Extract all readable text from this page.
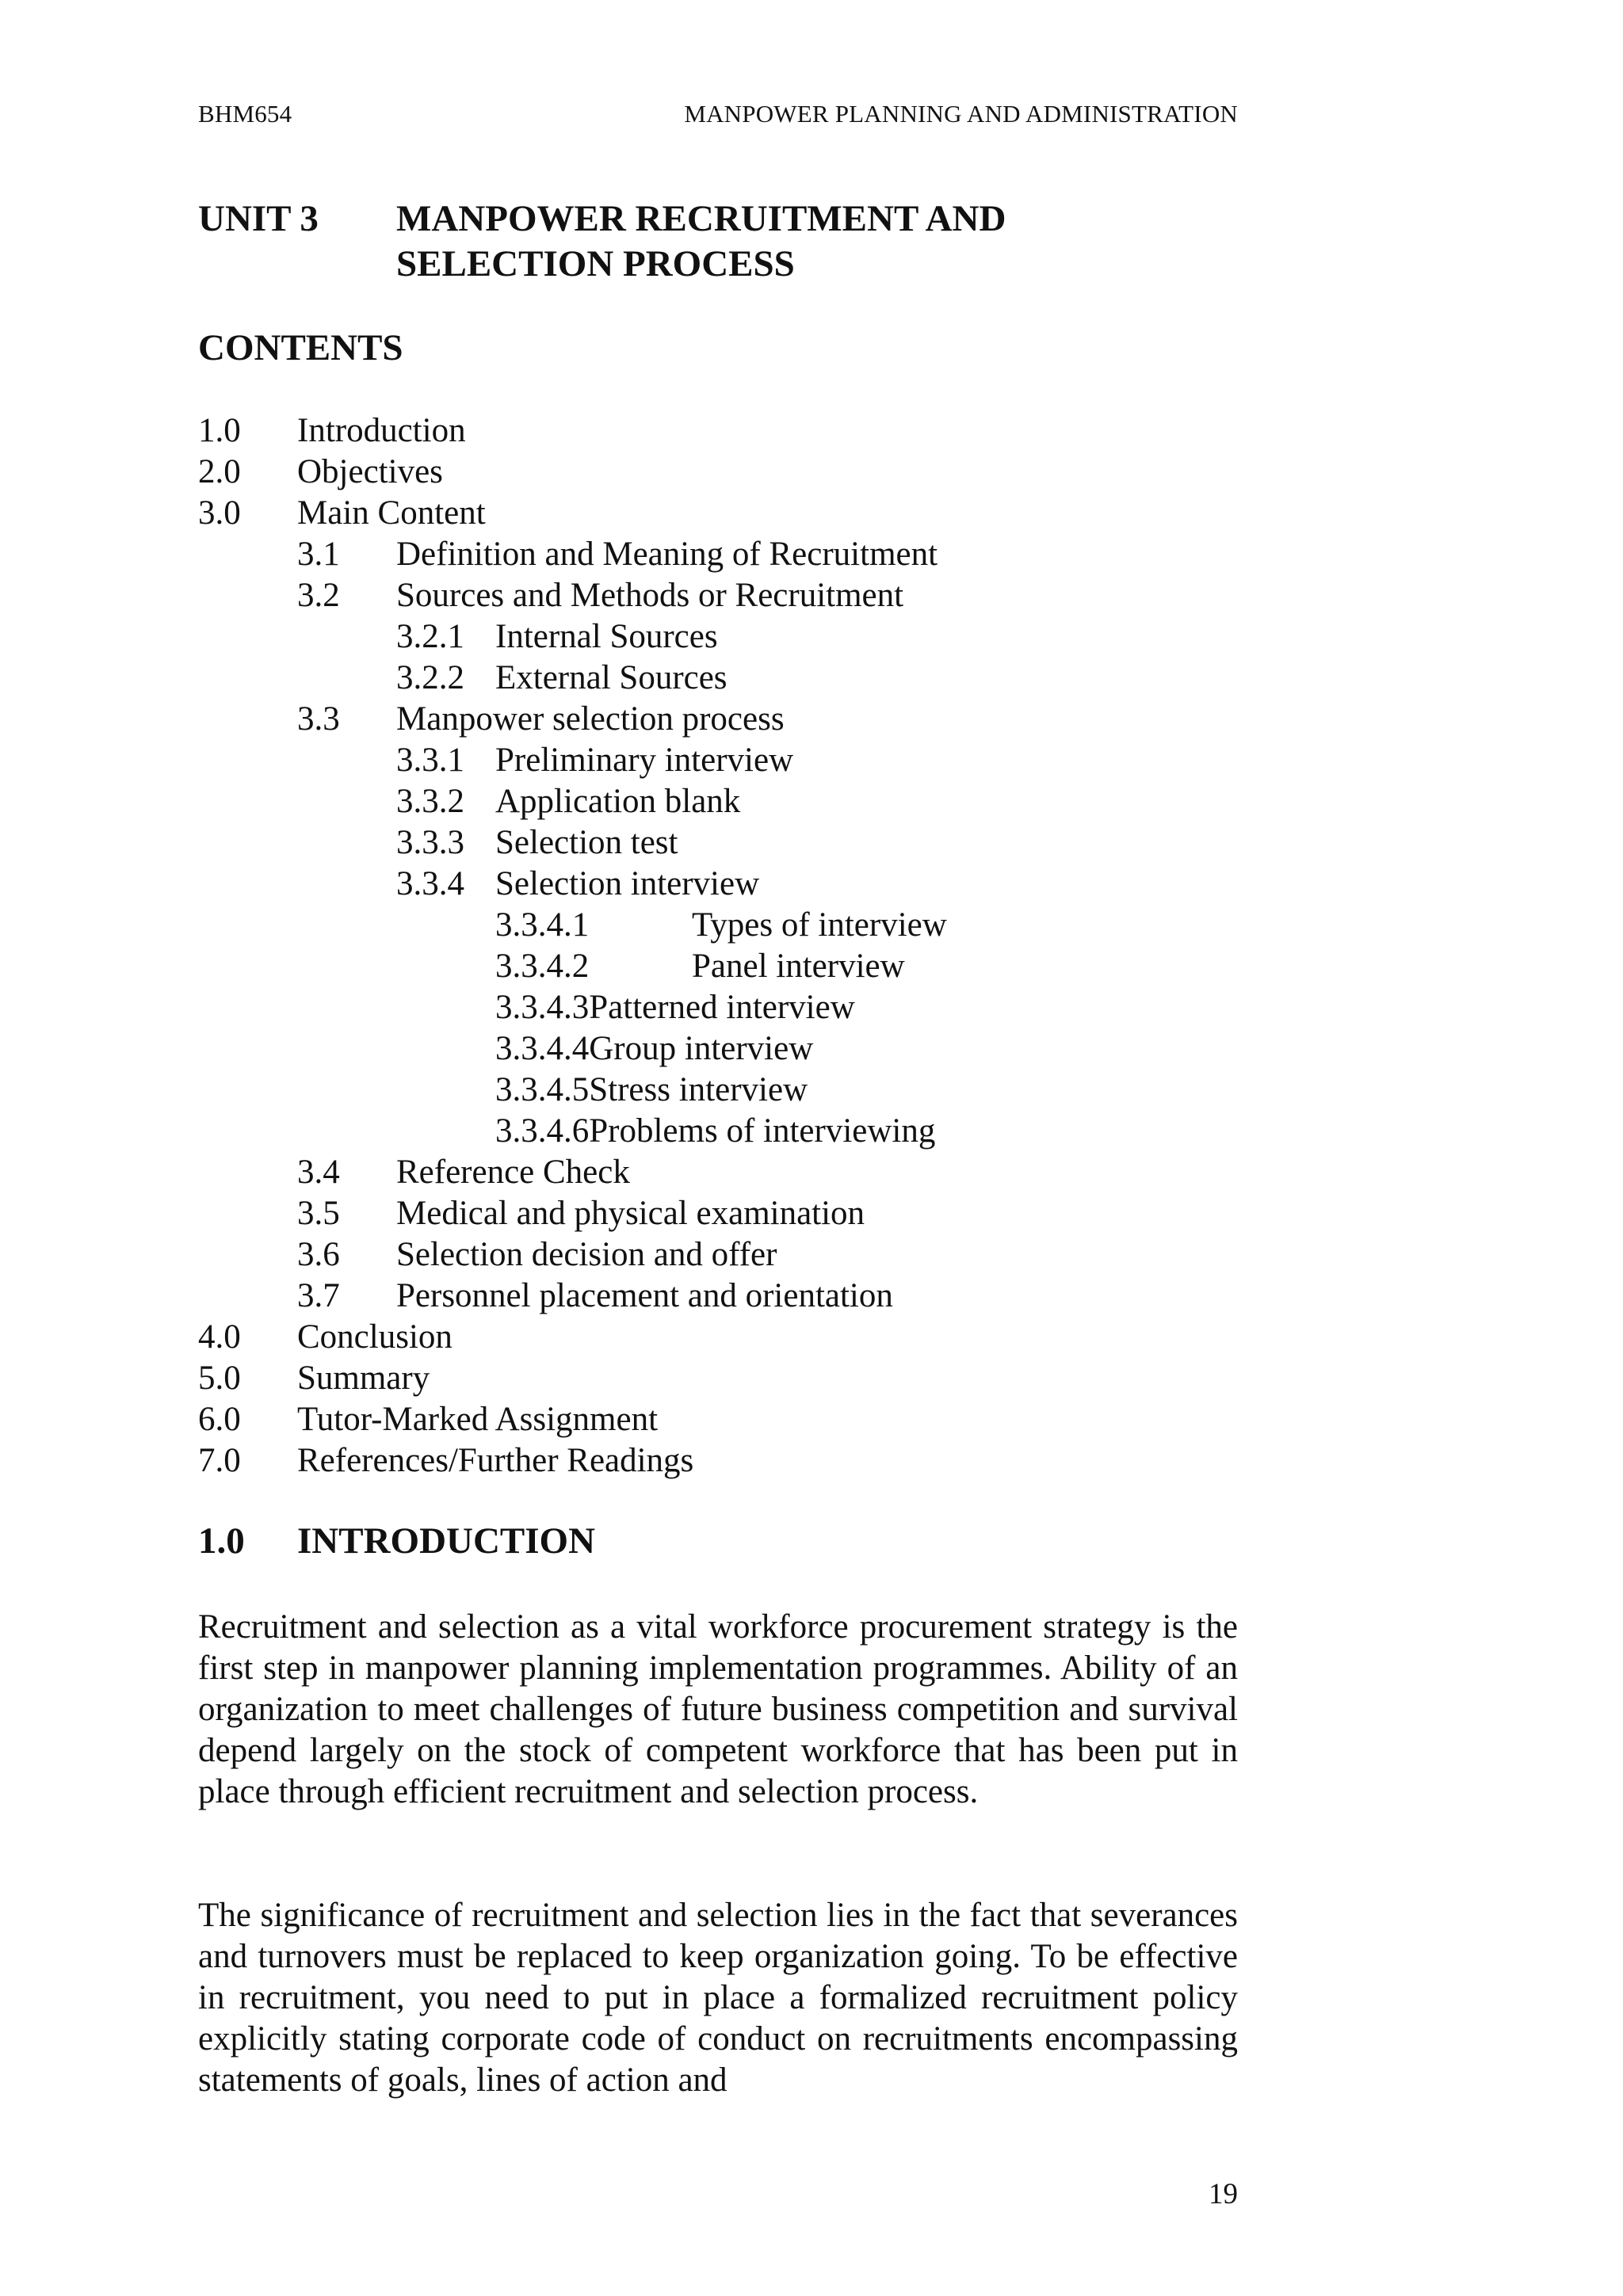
BHM654	MANPOWER PLANNING AND ADMINISTRATION
UNIT 3	MANPOWER RECRUITMENT AND
SELECTION PROCESS
CONTENTS
1.0	Introduction
2.0	Objectives
3.0	Main Content
3.1	Definition and Meaning of Recruitment
3.2	Sources and Methods or Recruitment
3.2.1 Internal Sources
3.2.2 External Sources
3.3	Manpower selection process
3.3.1 Preliminary interview
3.3.2 Application blank
3.3.3 Selection test
3.3.4 Selection interview
3.3.4.1	Types of interview
3.3.4.2	Panel interview
3.3.4.3 Patterned interview
3.3.4.4 Group interview
3.3.4.5 Stress interview
3.3.4.6 Problems of interviewing
3.4	Reference Check
3.5	Medical and physical examination
3.6	Selection decision and offer
3.7	Personnel placement and orientation
4.0	Conclusion
5.0	Summary
6.0	Tutor-Marked Assignment
7.0	References/Further Readings
1.0	INTRODUCTION

Recruitment and selection as a vital workforce procurement strategy is the first step in manpower planning implementation programmes. Ability of an organization to meet challenges of future business competition and survival depend largely on the stock of competent workforce that has been put in place through efficient recruitment and selection process.

The significance of recruitment and selection lies in the fact that severances and turnovers must be replaced to keep organization going. To be effective in recruitment, you need to put in place a formalized recruitment policy explicitly stating corporate code of conduct on recruitments encompassing statements of goals, lines of action and

19
